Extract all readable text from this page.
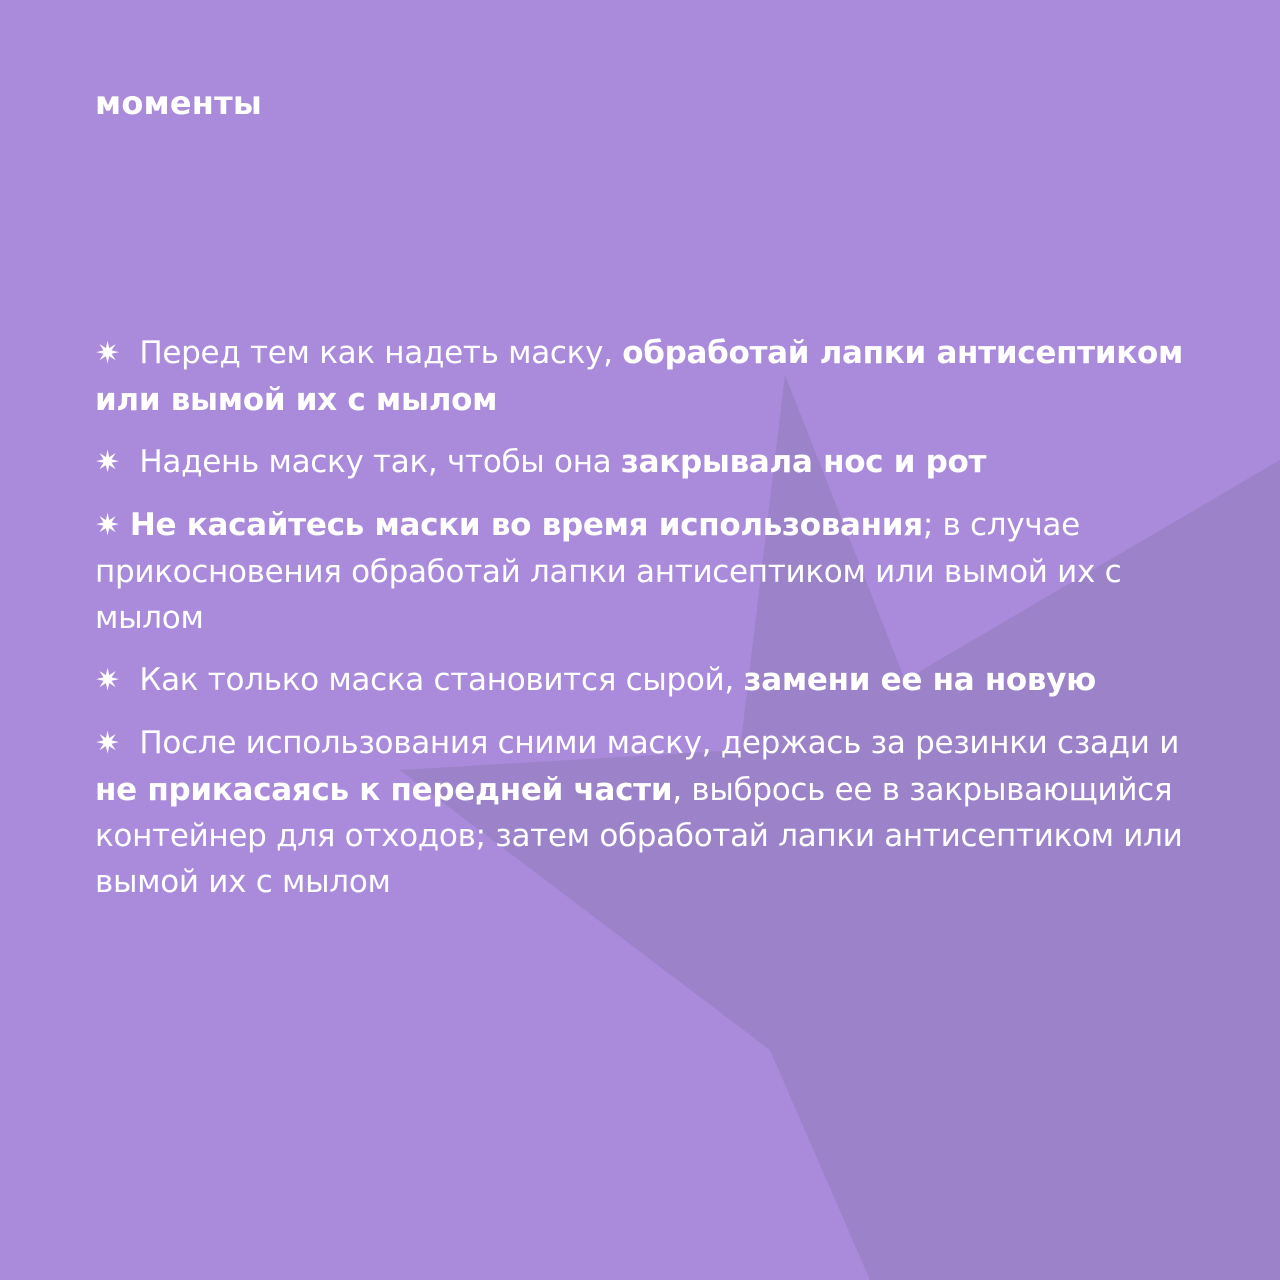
моменты
✷ Перед тем как надеть маску, обработай лапки антисептиком или вымой их с мылом
✷ Надень маску так, чтобы она закрывала нос и рот
✷ Не касайтесь маски во время использования; в случае прикосновения обработай лапки антисептиком или вымой их с мылом
✷ Как только маска становится сырой, замени ее на новую
✷ После использования сними маску, держась за резинки сзади и не прикасаясь к передней части, выбрось ее в закрывающийся контейнер для отходов; затем обработай лапки антисептиком или вымой их с мылом
